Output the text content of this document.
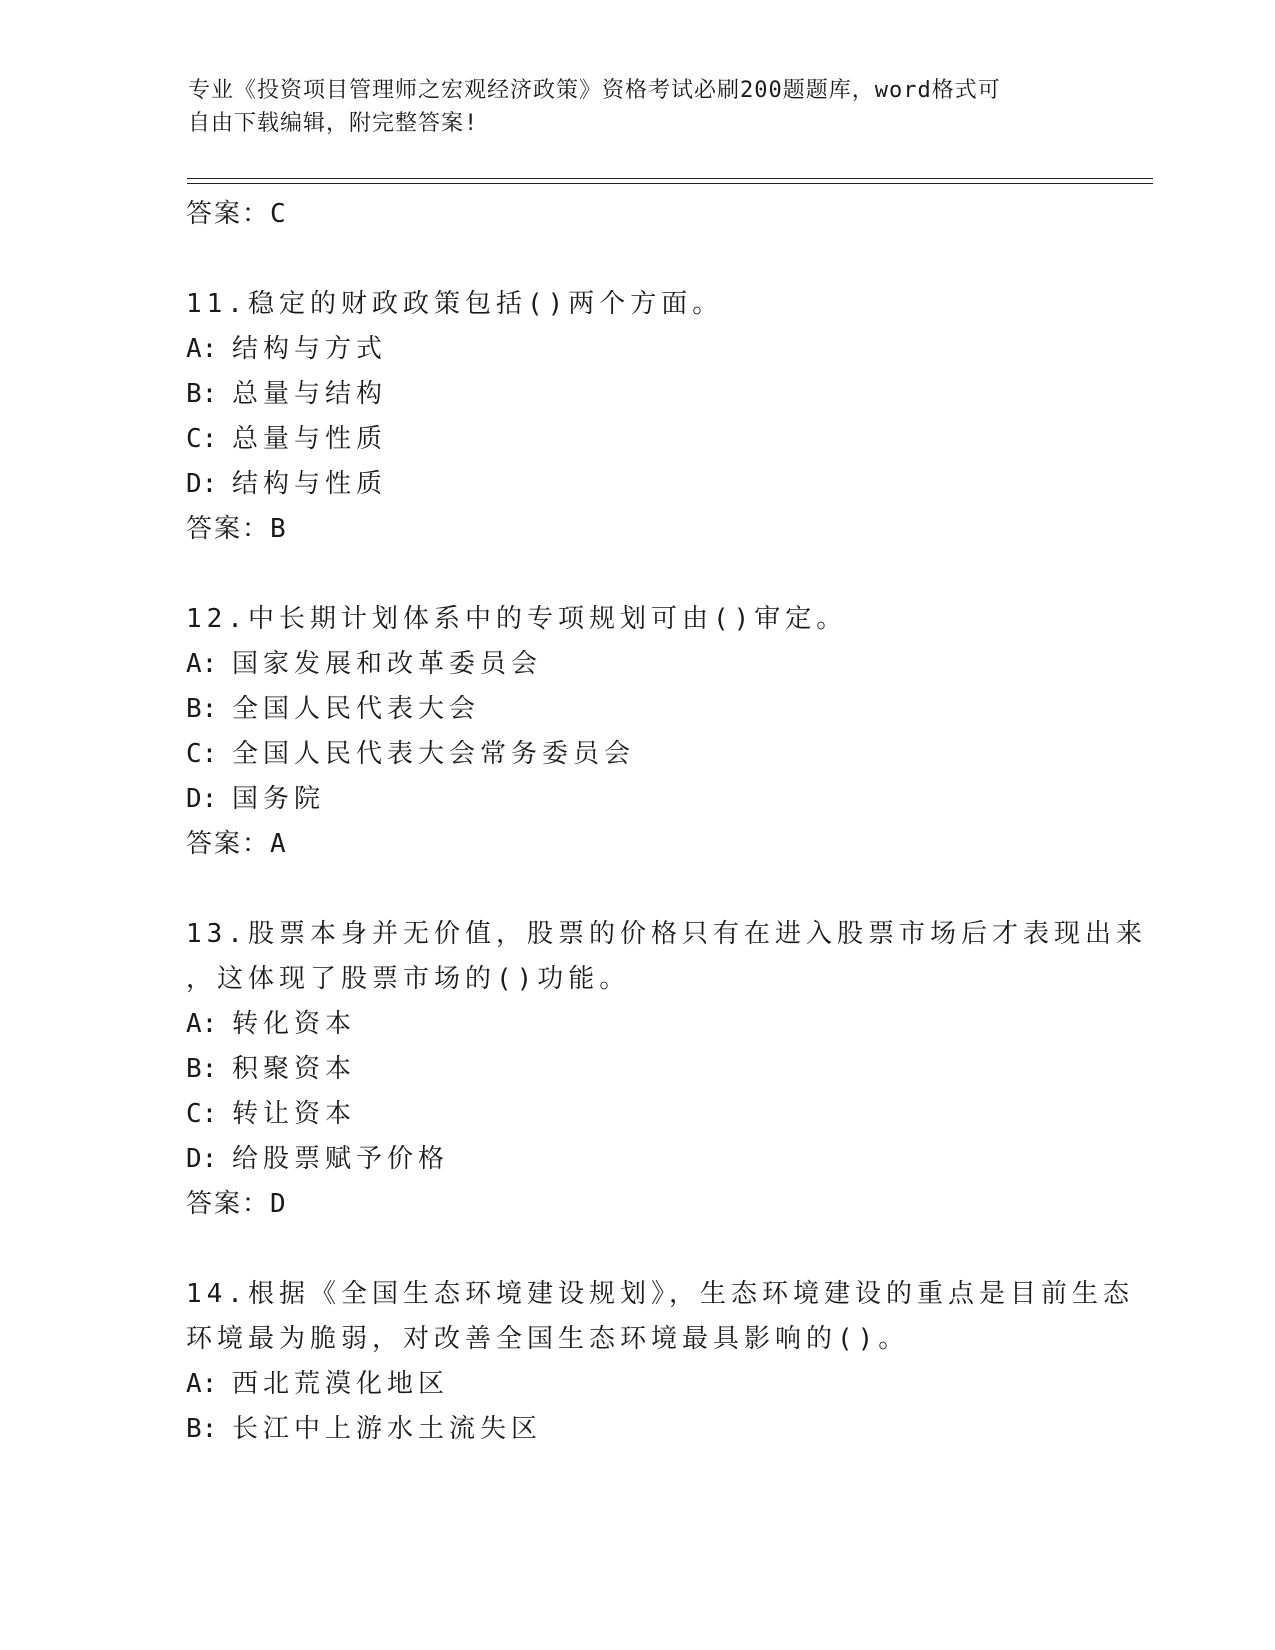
专业《投资项目管理师之宏观经济政策》资格考试必刷200题题库，word格式可
自由下载编辑，附完整答案!
答案：C
11.稳定的财政政策包括()两个方面。
A: 结构与方式
B: 总量与结构
C: 总量与性质
D: 结构与性质
答案：B
12.中长期计划体系中的专项规划可由()审定。
A: 国家发展和改革委员会
B: 全国人民代表大会
C: 全国人民代表大会常务委员会
D: 国务院
答案：A
13.股票本身并无价值，股票的价格只有在进入股票市场后才表现出来
，这体现了股票市场的()功能。
A: 转化资本
B: 积聚资本
C: 转让资本
D: 给股票赋予价格
答案：D
14.根据《全国生态环境建设规划》，生态环境建设的重点是目前生态
环境最为脆弱，对改善全国生态环境最具影响的()。
A: 西北荒漠化地区
B: 长江中上游水土流失区
